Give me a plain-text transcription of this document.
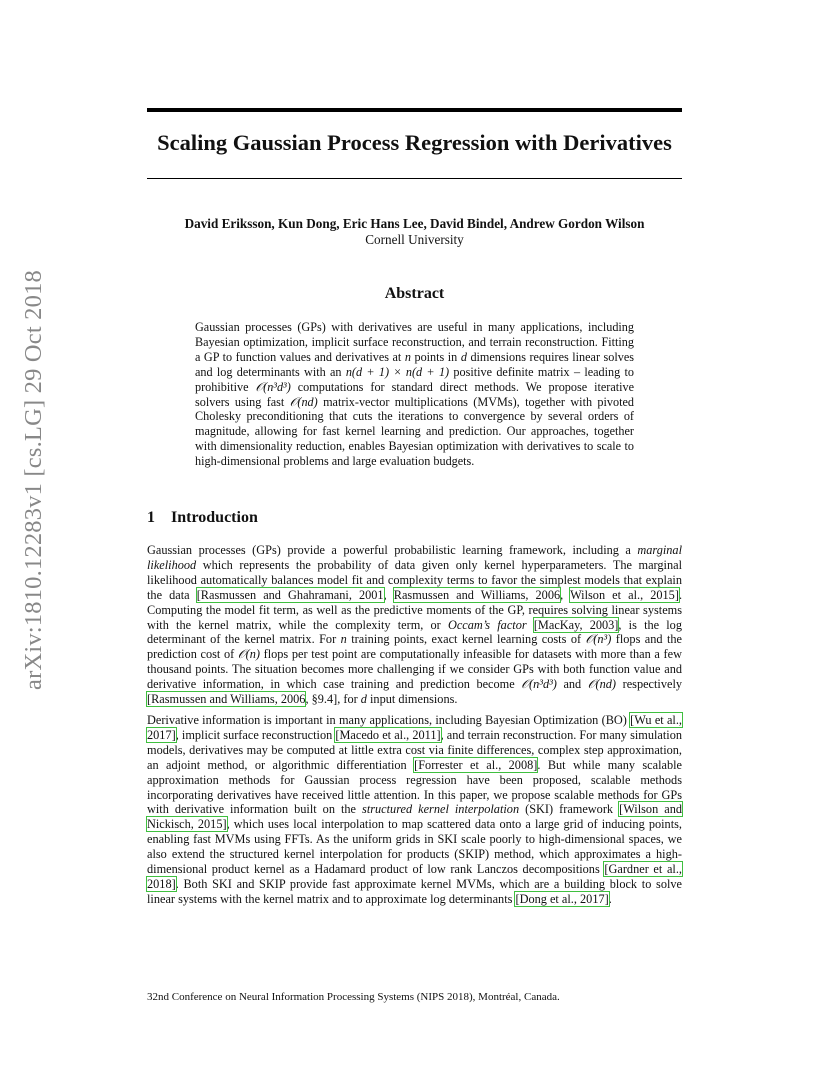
arXiv:1810.12283v1 [cs.LG] 29 Oct 2018
Scaling Gaussian Process Regression with Derivatives
David Eriksson, Kun Dong, Eric Hans Lee, David Bindel, Andrew Gordon Wilson
Cornell University
Abstract
Gaussian processes (GPs) with derivatives are useful in many applications, including Bayesian optimization, implicit surface reconstruction, and terrain reconstruction. Fitting a GP to function values and derivatives at n points in d dimensions requires linear solves and log determinants with an n(d + 1) × n(d + 1) positive definite matrix – leading to prohibitive 𝒪(n³d³) computations for standard direct methods. We propose iterative solvers using fast 𝒪(nd) matrix-vector multiplications (MVMs), together with pivoted Cholesky preconditioning that cuts the iterations to convergence by several orders of magnitude, allowing for fast kernel learning and prediction. Our approaches, together with dimensionality reduction, enables Bayesian optimization with derivatives to scale to high-dimensional problems and large evaluation budgets.
1 Introduction
Gaussian processes (GPs) provide a powerful probabilistic learning framework, including a marginal likelihood which represents the probability of data given only kernel hyperparameters. The marginal likelihood automatically balances model fit and complexity terms to favor the simplest models that explain the data [Rasmussen and Ghahramani, 2001, Rasmussen and Williams, 2006, Wilson et al., 2015]. Computing the model fit term, as well as the predictive moments of the GP, requires solving linear systems with the kernel matrix, while the complexity term, or Occam’s factor [MacKay, 2003], is the log determinant of the kernel matrix. For n training points, exact kernel learning costs of 𝒪(n³) flops and the prediction cost of 𝒪(n) flops per test point are computationally infeasible for datasets with more than a few thousand points. The situation becomes more challenging if we consider GPs with both function value and derivative information, in which case training and prediction become 𝒪(n³d³) and 𝒪(nd) respectively [Rasmussen and Williams, 2006, §9.4], for d input dimensions.
Derivative information is important in many applications, including Bayesian Optimization (BO) [Wu et al., 2017], implicit surface reconstruction [Macedo et al., 2011], and terrain reconstruction. For many simulation models, derivatives may be computed at little extra cost via finite differences, complex step approximation, an adjoint method, or algorithmic differentiation [Forrester et al., 2008]. But while many scalable approximation methods for Gaussian process regression have been proposed, scalable methods incorporating derivatives have received little attention. In this paper, we propose scalable methods for GPs with derivative information built on the structured kernel interpolation (SKI) framework [Wilson and Nickisch, 2015], which uses local interpolation to map scattered data onto a large grid of inducing points, enabling fast MVMs using FFTs. As the uniform grids in SKI scale poorly to high-dimensional spaces, we also extend the structured kernel interpolation for products (SKIP) method, which approximates a high-dimensional product kernel as a Hadamard product of low rank Lanczos decompositions [Gardner et al., 2018]. Both SKI and SKIP provide fast approximate kernel MVMs, which are a building block to solve linear systems with the kernel matrix and to approximate log determinants [Dong et al., 2017].
32nd Conference on Neural Information Processing Systems (NIPS 2018), Montréal, Canada.
